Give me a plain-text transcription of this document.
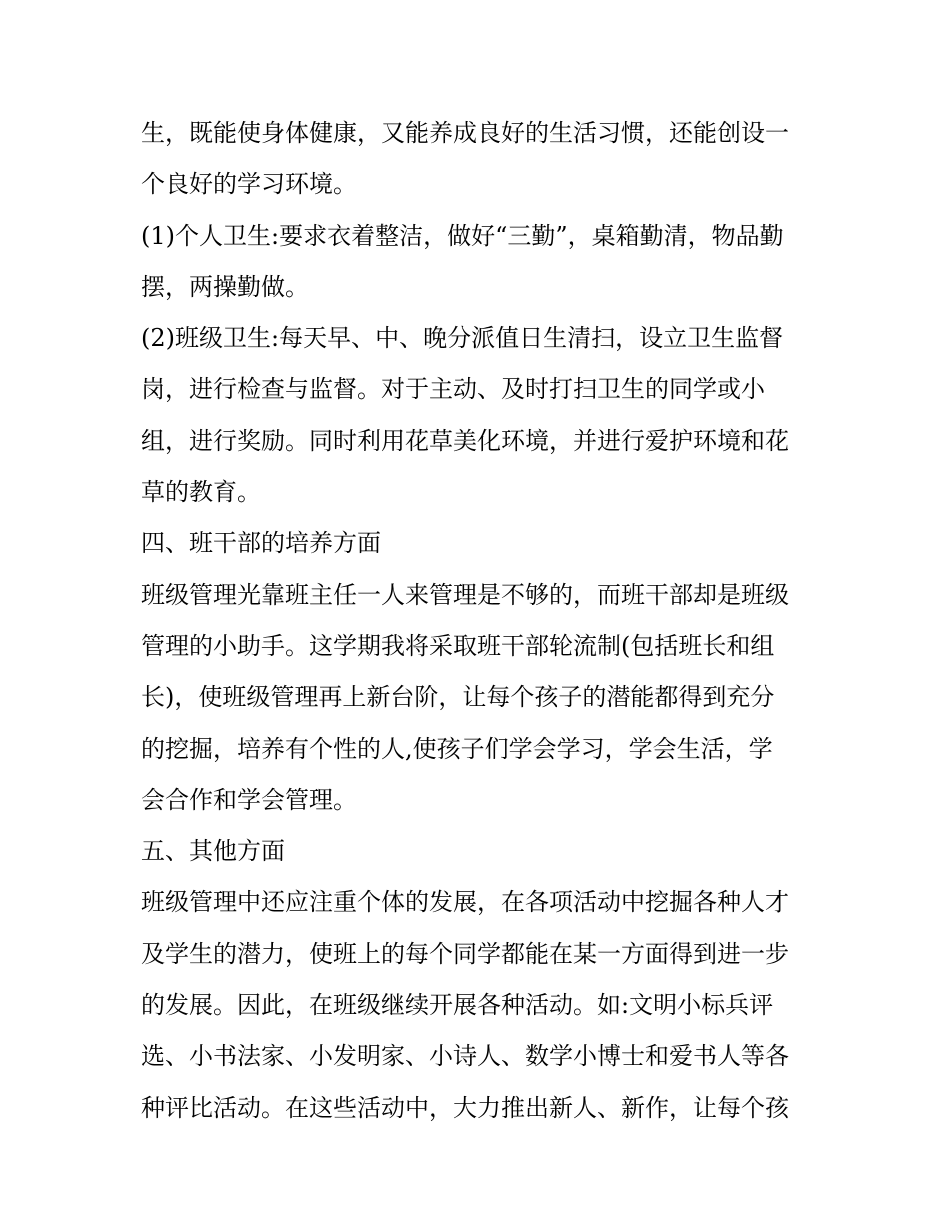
生，既能使身体健康，又能养成良好的生活习惯，还能创设一
个良好的学习环境。
(1)个人卫生:要求衣着整洁，做好“三勤”，桌箱勤清，物品勤
摆，两操勤做。
(2)班级卫生:每天早、中、晚分派值日生清扫，设立卫生监督
岗，进行检查与监督。对于主动、及时打扫卫生的同学或小
组，进行奖励。同时利用花草美化环境，并进行爱护环境和花
草的教育。
四、班干部的培养方面
班级管理光靠班主任一人来管理是不够的，而班干部却是班级
管理的小助手。这学期我将采取班干部轮流制(包括班长和组
长)，使班级管理再上新台阶，让每个孩子的潜能都得到充分
的挖掘，培养有个性的人,使孩子们学会学习，学会生活，学
会合作和学会管理。
五、其他方面
班级管理中还应注重个体的发展，在各项活动中挖掘各种人才
及学生的潜力，使班上的每个同学都能在某一方面得到进一步
的发展。因此，在班级继续开展各种活动。如:文明小标兵评
选、小书法家、小发明家、小诗人、数学小博士和爱书人等各
种评比活动。在这些活动中，大力推出新人、新作，让每个孩
